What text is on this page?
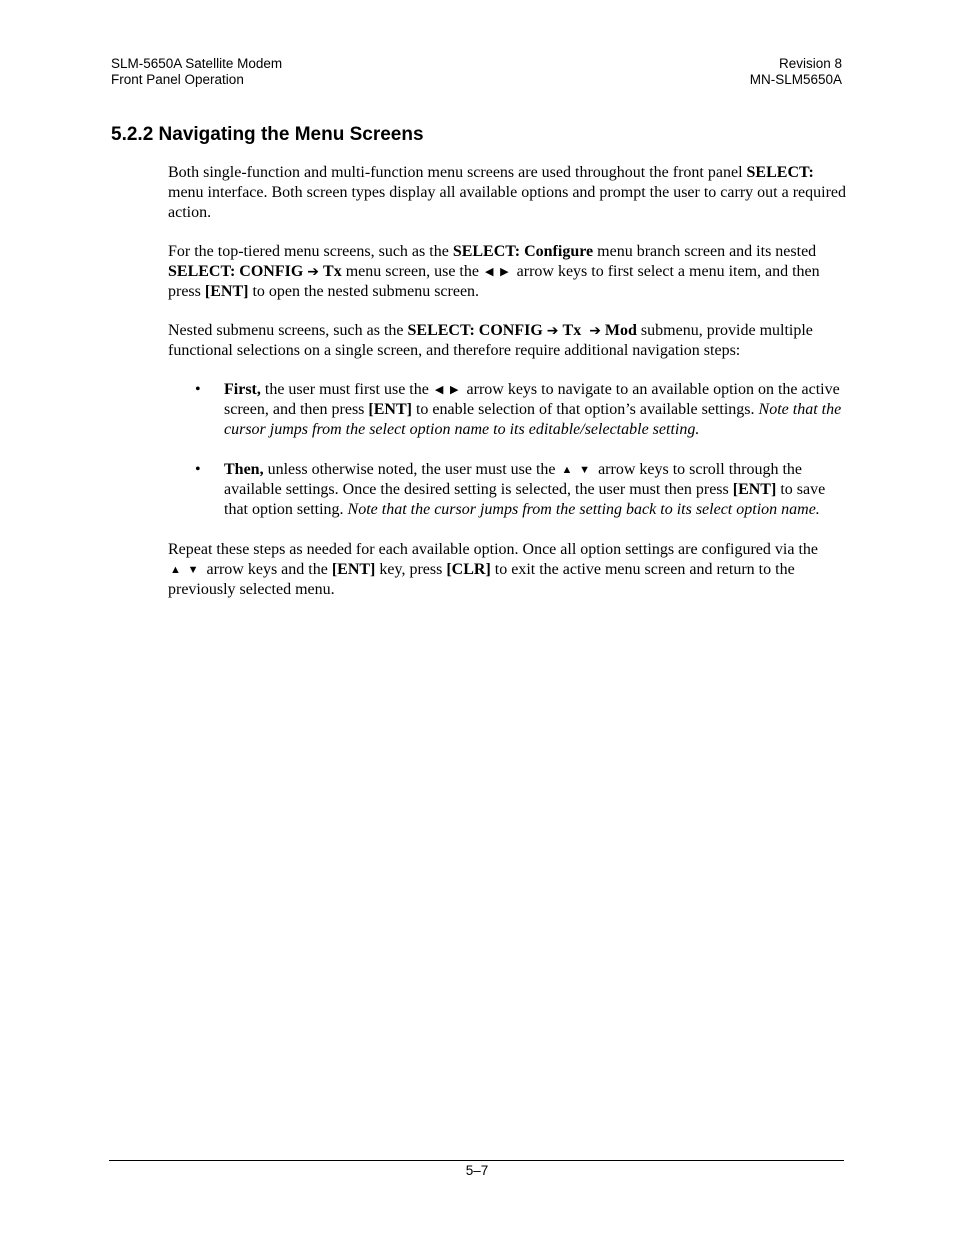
SLM-5650A Satellite Modem
Front Panel Operation
Revision 8
MN-SLM5650A
5.2.2 Navigating the Menu Screens

Both single-function and multi-function menu screens are used throughout the front panel SELECT: menu interface. Both screen types display all available options and prompt the user to carry out a required action.

For the top-tiered menu screens, such as the SELECT: Configure menu branch screen and its nested SELECT: CONFIG ➔ Tx menu screen, use the ◀ ▶ arrow keys to first select a menu item, and then press [ENT] to open the nested submenu screen.

Nested submenu screens, such as the SELECT: CONFIG ➔ Tx ➔ Mod submenu, provide multiple functional selections on a single screen, and therefore require additional navigation steps:

• First, the user must first use the ◀ ▶ arrow keys to navigate to an available option on the active screen, and then press [ENT] to enable selection of that option’s available settings. Note that the cursor jumps from the select option name to its editable/selectable setting.
• Then, unless otherwise noted, the user must use the ▲ ▼ arrow keys to scroll through the available settings. Once the desired setting is selected, the user must then press [ENT] to save that option setting. Note that the cursor jumps from the setting back to its select option name.

Repeat these steps as needed for each available option. Once all option settings are configured via the ▲ ▼ arrow keys and the [ENT] key, press [CLR] to exit the active menu screen and return to the previously selected menu.

5–7
